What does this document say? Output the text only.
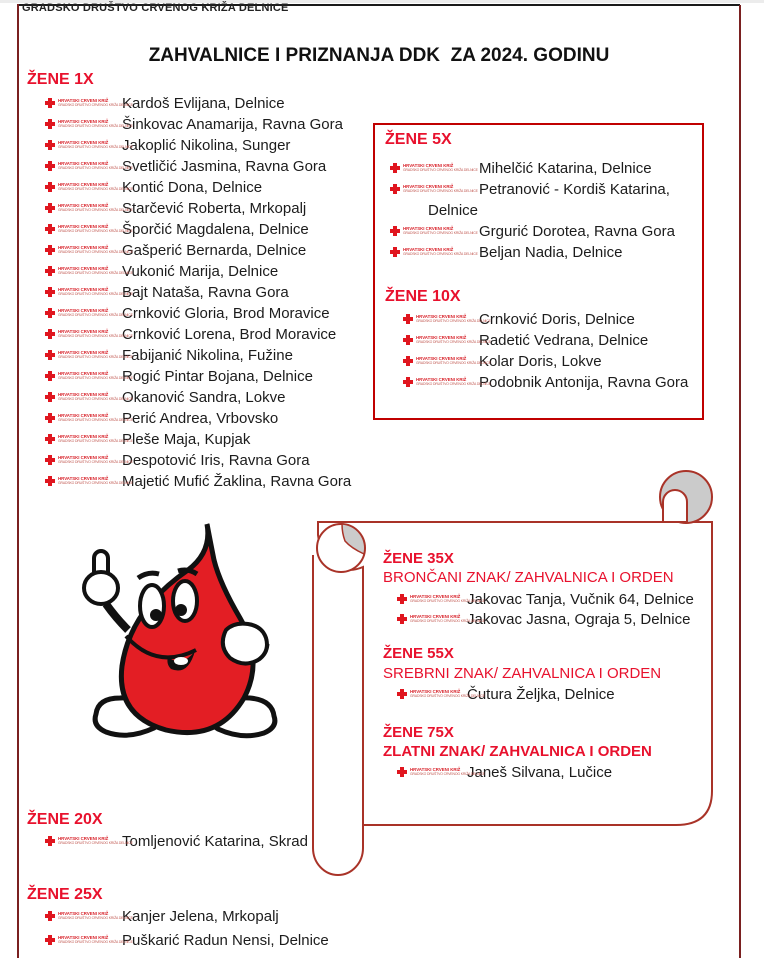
GRADSKO DRUŠTVO CRVENOG KRIŽA DELNICE
ZAHVALNICE I PRIZNANJA DDK  ZA 2024. GODINU
ŽENE 1X
HRVATSKI CRVENI KRIŽ
GRADSKO DRUŠTVO CRVENOG KRIŽA DELNICE
Kardoš Evlijana, Delnice
HRVATSKI CRVENI KRIŽ
GRADSKO DRUŠTVO CRVENOG KRIŽA DELNICE
Šinkovac Anamarija, Ravna Gora
HRVATSKI CRVENI KRIŽ
GRADSKO DRUŠTVO CRVENOG KRIŽA DELNICE
Jakoplić Nikolina, Sunger
HRVATSKI CRVENI KRIŽ
GRADSKO DRUŠTVO CRVENOG KRIŽA DELNICE
Svetličić Jasmina, Ravna Gora
HRVATSKI CRVENI KRIŽ
GRADSKO DRUŠTVO CRVENOG KRIŽA DELNICE
Kontić Dona, Delnice
HRVATSKI CRVENI KRIŽ
GRADSKO DRUŠTVO CRVENOG KRIŽA DELNICE
Starčević Roberta, Mrkopalj
HRVATSKI CRVENI KRIŽ
GRADSKO DRUŠTVO CRVENOG KRIŽA DELNICE
Šporčić Magdalena, Delnice
HRVATSKI CRVENI KRIŽ
GRADSKO DRUŠTVO CRVENOG KRIŽA DELNICE
Gašperić Bernarda, Delnice
HRVATSKI CRVENI KRIŽ
GRADSKO DRUŠTVO CRVENOG KRIŽA DELNICE
Vukonić Marija, Delnice
HRVATSKI CRVENI KRIŽ
GRADSKO DRUŠTVO CRVENOG KRIŽA DELNICE
Bajt Nataša, Ravna Gora
HRVATSKI CRVENI KRIŽ
GRADSKO DRUŠTVO CRVENOG KRIŽA DELNICE
Crnković Gloria, Brod Moravice
HRVATSKI CRVENI KRIŽ
GRADSKO DRUŠTVO CRVENOG KRIŽA DELNICE
Crnković Lorena, Brod Moravice
HRVATSKI CRVENI KRIŽ
GRADSKO DRUŠTVO CRVENOG KRIŽA DELNICE
Fabijanić Nikolina, Fužine
HRVATSKI CRVENI KRIŽ
GRADSKO DRUŠTVO CRVENOG KRIŽA DELNICE
Rogić Pintar Bojana, Delnice
HRVATSKI CRVENI KRIŽ
GRADSKO DRUŠTVO CRVENOG KRIŽA DELNICE
Okanović Sandra, Lokve
HRVATSKI CRVENI KRIŽ
GRADSKO DRUŠTVO CRVENOG KRIŽA DELNICE
Perić Andrea, Vrbovsko
HRVATSKI CRVENI KRIŽ
GRADSKO DRUŠTVO CRVENOG KRIŽA DELNICE
Pleše Maja, Kupjak
HRVATSKI CRVENI KRIŽ
GRADSKO DRUŠTVO CRVENOG KRIŽA DELNICE
Despotović Iris, Ravna Gora
HRVATSKI CRVENI KRIŽ
GRADSKO DRUŠTVO CRVENOG KRIŽA DELNICE
Majetić Mufić Žaklina, Ravna Gora
ŽENE 5X
HRVATSKI CRVENI KRIŽ
GRADSKO DRUŠTVO CRVENOG KRIŽA DELNICE Mihelčić Katarina, Delnice
HRVATSKI CRVENI KRIŽ
GRADSKO DRUŠTVO CRVENOG KRIŽA DELNICE Petranović - Kordiš Katarina,
Delnice
HRVATSKI CRVENI KRIŽ
GRADSKO DRUŠTVO CRVENOG KRIŽA DELNICE Grgurić Dorotea, Ravna Gora
HRVATSKI CRVENI KRIŽ
GRADSKO DRUŠTVO CRVENOG KRIŽA DELNICE Beljan Nadia, Delnice
ŽENE 10X
HRVATSKI CRVENI KRIŽ
GRADSKO DRUŠTVO CRVENOG KRIŽA DELNICE
Crnković Doris, Delnice
HRVATSKI CRVENI KRIŽ
GRADSKO DRUŠTVO CRVENOG KRIŽA DELNICE
Radetić Vedrana, Delnice
HRVATSKI CRVENI KRIŽ
GRADSKO DRUŠTVO CRVENOG KRIŽA DELNICE
Kolar Doris, Lokve
HRVATSKI CRVENI KRIŽ
GRADSKO DRUŠTVO CRVENOG KRIŽA DELNICE
Podobnik Antonija, Ravna Gora
ŽENE 35X
BRONČANI ZNAK/ ZAHVALNICA I ORDEN
HRVATSKI CRVENI KRIŽ
GRADSKO DRUŠTVO CRVENOG KRIŽA DELNICE
Jakovac Tanja, Vučnik 64, Delnice
HRVATSKI CRVENI KRIŽ
GRADSKO DRUŠTVO CRVENOG KRIŽA DELNICE
Jakovac Jasna, Ograja 5, Delnice
ŽENE 55X
SREBRNI ZNAK/ ZAHVALNICA I ORDEN
HRVATSKI CRVENI KRIŽ
GRADSKO DRUŠTVO CRVENOG KRIŽA DELNICE
Čutura Željka, Delnice
ŽENE 75X
ZLATNI ZNAK/ ZAHVALNICA I ORDEN
HRVATSKI CRVENI KRIŽ
GRADSKO DRUŠTVO CRVENOG KRIŽA DELNICE
Janeš Silvana, Lučice
ŽENE 20X
HRVATSKI CRVENI KRIŽ
GRADSKO DRUŠTVO CRVENOG KRIŽA DELNICE
Tomljenović Katarina, Skrad
ŽENE 25X
HRVATSKI CRVENI KRIŽ
GRADSKO DRUŠTVO CRVENOG KRIŽA DELNICE
Kanjer Jelena, Mrkopalj
HRVATSKI CRVENI KRIŽ
GRADSKO DRUŠTVO CRVENOG KRIŽA DELNICE
Puškarić Radun Nensi, Delnice
